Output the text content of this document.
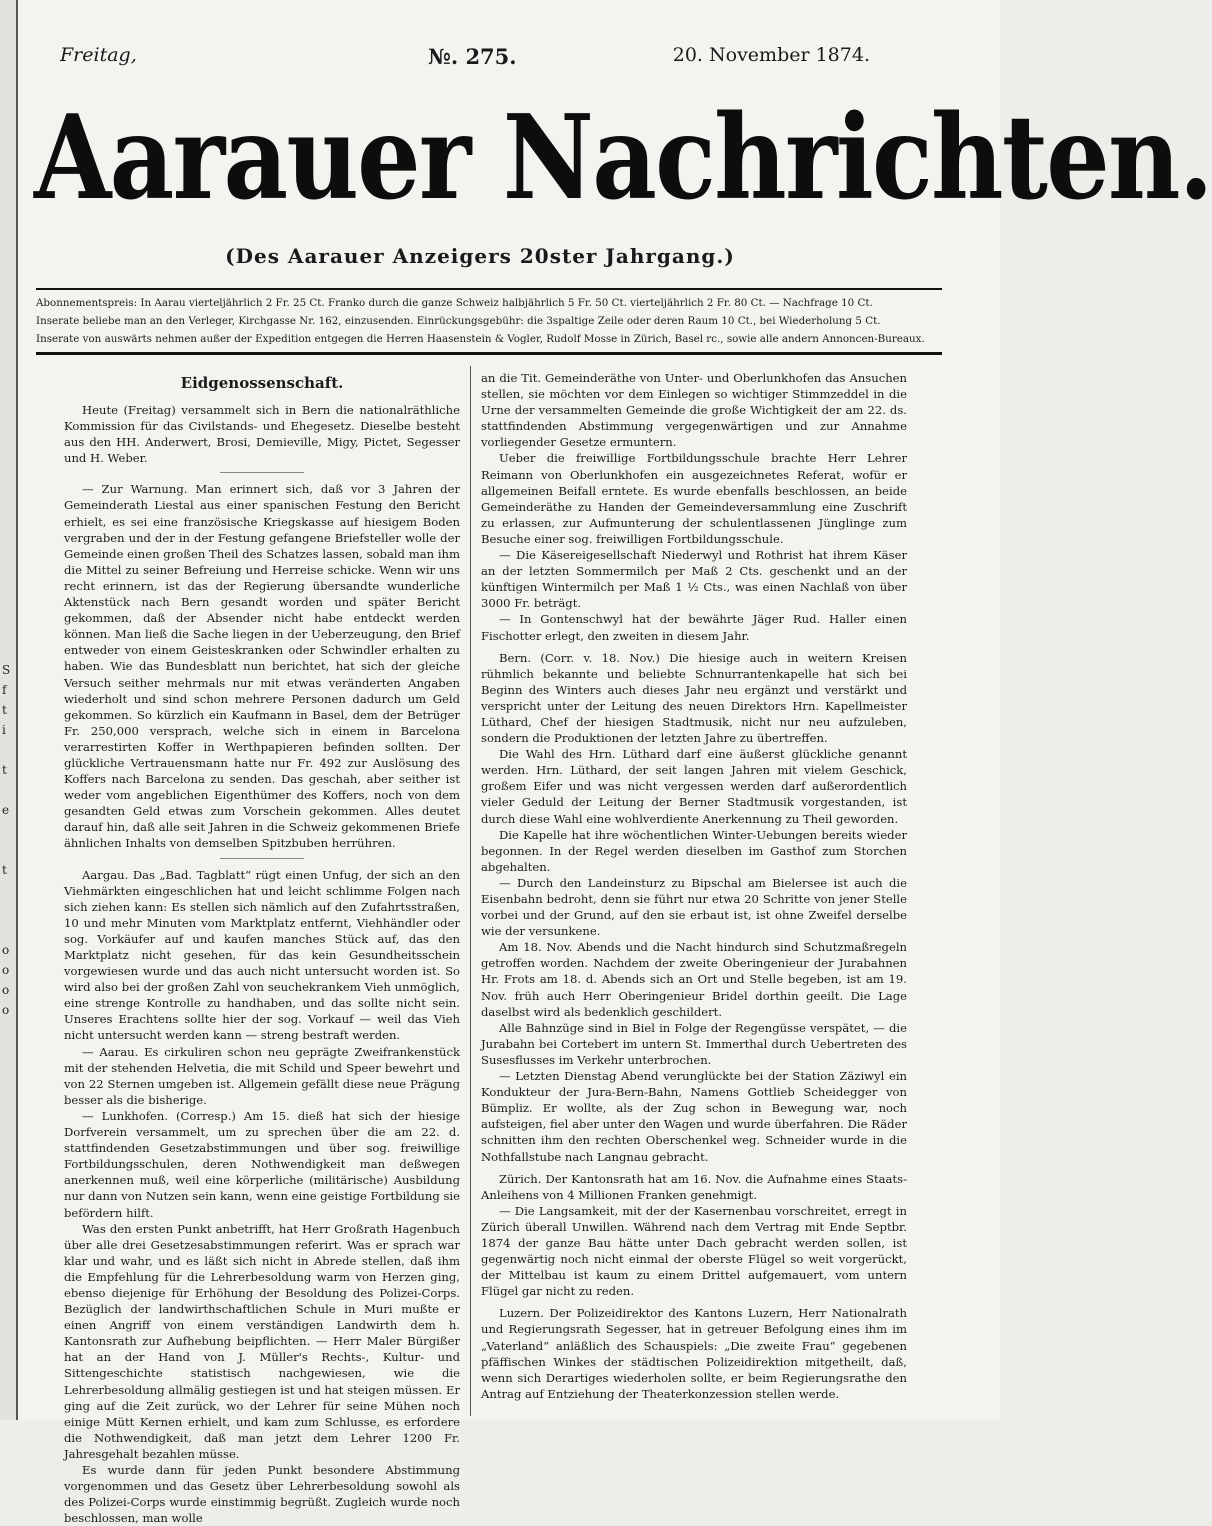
S
f
t
i

t

e

t

o
o
o
o
Freitag,	№. 275.	20. November 1874.
Aarauer Nachrichten.
(Des Aarauer Anzeigers 20ster Jahrgang.)
Abonnementspreis: In Aarau vierteljährlich 2 Fr. 25 Ct. Franko durch die ganze Schweiz halbjährlich 5 Fr. 50 Ct. vierteljährlich 2 Fr. 80 Ct. — Nachfrage 10 Ct.
Inserate beliebe man an den Verleger, Kirchgasse Nr. 162, einzusenden. Einrückungsgebühr: die 3spaltige Zeile oder deren Raum 10 Ct., bei Wiederholung 5 Ct.
Inserate von auswärts nehmen außer der Expedition entgegen die Herren Haasenstein & Vogler, Rudolf Mosse in Zürich, Basel rc., sowie alle andern Annoncen-Bureaux.
Eidgenossenschaft.

Heute (Freitag) versammelt sich in Bern die nationalräthliche Kommission für das Civilstands- und Ehegesetz. Dieselbe besteht aus den HH. Anderwert, Brosi, Demieville, Migy, Pictet, Segesser und H. Weber.

— Zur Warnung. Man erinnert sich, daß vor 3 Jahren der Gemeinderath Liestal aus einer spanischen Festung den Bericht erhielt, es sei eine französische Kriegskasse auf hiesigem Boden vergraben und der in der Festung gefangene Briefsteller wolle der Gemeinde einen großen Theil des Schatzes lassen, sobald man ihm die Mittel zu seiner Befreiung und Herreise schicke. Wenn wir uns recht erinnern, ist das der Regierung übersandte wunderliche Aktenstück nach Bern gesandt worden und später Bericht gekommen, daß der Absender nicht habe entdeckt werden können. Man ließ die Sache liegen in der Ueberzeugung, den Brief entweder von einem Geisteskranken oder Schwindler erhalten zu haben. Wie das Bundesblatt nun berichtet, hat sich der gleiche Versuch seither mehrmals nur mit etwas veränderten Angaben wiederholt und sind schon mehrere Personen dadurch um Geld gekommen. So kürzlich ein Kaufmann in Basel, dem der Betrüger Fr. 250,000 versprach, welche sich in einem in Barcelona verarrestirten Koffer in Werthpapieren befinden sollten. Der glückliche Vertrauensmann hatte nur Fr. 492 zur Auslösung des Koffers nach Barcelona zu senden. Das geschah, aber seither ist weder vom angeblichen Eigenthümer des Koffers, noch von dem gesandten Geld etwas zum Vorschein gekommen. Alles deutet darauf hin, daß alle seit Jahren in die Schweiz gekommenen Briefe ähnlichen Inhalts von demselben Spitzbuben herrühren.

Aargau. Das „Bad. Tagblatt“ rügt einen Unfug, der sich an den Viehmärkten eingeschlichen hat und leicht schlimme Folgen nach sich ziehen kann: Es stellen sich nämlich auf den Zufahrtsstraßen, 10 und mehr Minuten vom Marktplatz entfernt, Viehhändler oder sog. Vorkäufer auf und kaufen manches Stück auf, das den Marktplatz nicht gesehen, für das kein Gesundheitsschein vorgewiesen wurde und das auch nicht untersucht worden ist. So wird also bei der großen Zahl von seuchekrankem Vieh unmöglich, eine strenge Kontrolle zu handhaben, und das sollte nicht sein. Unseres Erachtens sollte hier der sog. Vorkauf — weil das Vieh nicht untersucht werden kann — streng bestraft werden.

— Aarau. Es cirkuliren schon neu geprägte Zweifrankenstück mit der stehenden Helvetia, die mit Schild und Speer bewehrt und von 22 Sternen umgeben ist. Allgemein gefällt diese neue Prägung besser als die bisherige.

— Lunkhofen. (Corresp.) Am 15. dieß hat sich der hiesige Dorfverein versammelt, um zu sprechen über die am 22. d. stattfindenden Gesetzabstimmungen und über sog. freiwillige Fortbildungsschulen, deren Nothwendigkeit man deßwegen anerkennen muß, weil eine körperliche (militärische) Ausbildung nur dann von Nutzen sein kann, wenn eine geistige Fortbildung sie befördern hilft.

Was den ersten Punkt anbetrifft, hat Herr Großrath Hagenbuch über alle drei Gesetzesabstimmungen referirt. Was er sprach war klar und wahr, und es läßt sich nicht in Abrede stellen, daß ihm die Empfehlung für die Lehrerbesoldung warm von Herzen ging, ebenso diejenige für Erhöhung der Besoldung des Polizei-Corps. Bezüglich der landwirthschaftlichen Schule in Muri mußte er einen Angriff von einem verständigen Landwirth dem h. Kantonsrath zur Aufhebung beipflichten. — Herr Maler Bürgißer hat an der Hand von J. Müller's Rechts-, Kultur- und Sittengeschichte statistisch nachgewiesen, wie die Lehrerbesoldung allmälig gestiegen ist und hat steigen müssen. Er ging auf die Zeit zurück, wo der Lehrer für seine Mühen noch einige Mütt Kernen erhielt, und kam zum Schlusse, es erfordere die Nothwendigkeit, daß man jetzt dem Lehrer 1200 Fr. Jahresgehalt bezahlen müsse.

Es wurde dann für jeden Punkt besondere Abstimmung vorgenommen und das Gesetz über Lehrerbesoldung sowohl als des Polizei-Corps wurde einstimmig begrüßt. Zugleich wurde noch beschlossen, man wolle

an die Tit. Gemeinderäthe von Unter- und Oberlunkhofen das Ansuchen stellen, sie möchten vor dem Einlegen so wichtiger Stimmzeddel in die Urne der versammelten Gemeinde die große Wichtigkeit der am 22. ds. stattfindenden Abstimmung vergegenwärtigen und zur Annahme vorliegender Gesetze ermuntern.

Ueber die freiwillige Fortbildungsschule brachte Herr Lehrer Reimann von Oberlunkhofen ein ausgezeichnetes Referat, wofür er allgemeinen Beifall erntete. Es wurde ebenfalls beschlossen, an beide Gemeinderäthe zu Handen der Gemeindeversammlung eine Zuschrift zu erlassen, zur Aufmunterung der schulentlassenen Jünglinge zum Besuche einer sog. freiwilligen Fortbildungsschule.

— Die Käsereigesellschaft Niederwyl und Rothrist hat ihrem Käser an der letzten Sommermilch per Maß 2 Cts. geschenkt und an der künftigen Wintermilch per Maß 1 ½ Cts., was einen Nachlaß von über 3000 Fr. beträgt.

— In Gontenschwyl hat der bewährte Jäger Rud. Haller einen Fischotter erlegt, den zweiten in diesem Jahr.

Bern. (Corr. v. 18. Nov.) Die hiesige auch in weitern Kreisen rühmlich bekannte und beliebte Schnurrantenkapelle hat sich bei Beginn des Winters auch dieses Jahr neu ergänzt und verstärkt und verspricht unter der Leitung des neuen Direktors Hrn. Kapellmeister Lüthard, Chef der hiesigen Stadtmusik, nicht nur neu aufzuleben, sondern die Produktionen der letzten Jahre zu übertreffen.

Die Wahl des Hrn. Lüthard darf eine äußerst glückliche genannt werden. Hrn. Lüthard, der seit langen Jahren mit vielem Geschick, großem Eifer und was nicht vergessen werden darf außerordentlich vieler Geduld der Leitung der Berner Stadtmusik vorgestanden, ist durch diese Wahl eine wohlverdiente Anerkennung zu Theil geworden.

Die Kapelle hat ihre wöchentlichen Winter-Uebungen bereits wieder begonnen. In der Regel werden dieselben im Gasthof zum Storchen abgehalten.

— Durch den Landeinsturz zu Bipschal am Bielersee ist auch die Eisenbahn bedroht, denn sie führt nur etwa 20 Schritte von jener Stelle vorbei und der Grund, auf den sie erbaut ist, ist ohne Zweifel derselbe wie der versunkene.

Am 18. Nov. Abends und die Nacht hindurch sind Schutzmaßregeln getroffen worden. Nachdem der zweite Oberingenieur der Jurabahnen Hr. Frots am 18. d. Abends sich an Ort und Stelle begeben, ist am 19. Nov. früh auch Herr Oberingenieur Bridel dorthin geeilt. Die Lage daselbst wird als bedenklich geschildert.

Alle Bahnzüge sind in Biel in Folge der Regengüsse verspätet, — die Jurabahn bei Cortebert im untern St. Immerthal durch Uebertreten des Susesflusses im Verkehr unterbrochen.

— Letzten Dienstag Abend verunglückte bei der Station Zäziwyl ein Kondukteur der Jura-Bern-Bahn, Namens Gottlieb Scheidegger von Bümpliz. Er wollte, als der Zug schon in Bewegung war, noch aufsteigen, fiel aber unter den Wagen und wurde überfahren. Die Räder schnitten ihm den rechten Oberschenkel weg. Schneider wurde in die Nothfallstube nach Langnau gebracht.

Zürich. Der Kantonsrath hat am 16. Nov. die Aufnahme eines Staats-Anleihens von 4 Millionen Franken genehmigt.

— Die Langsamkeit, mit der der Kasernenbau vorschreitet, erregt in Zürich überall Unwillen. Während nach dem Vertrag mit Ende Septbr. 1874 der ganze Bau hätte unter Dach gebracht werden sollen, ist gegenwärtig noch nicht einmal der oberste Flügel so weit vorgerückt, der Mittelbau ist kaum zu einem Drittel aufgemauert, vom untern Flügel gar nicht zu reden.

Luzern. Der Polizeidirektor des Kantons Luzern, Herr Nationalrath und Regierungsrath Segesser, hat in getreuer Befolgung eines ihm im „Vaterland“ anläßlich des Schauspiels: „Die zweite Frau“ gegebenen pfäffischen Winkes der städtischen Polizeidirektion mitgetheilt, daß, wenn sich Derartiges wiederholen sollte, er beim Regierungsrathe den Antrag auf Entziehung der Theaterkonzession stellen werde.
